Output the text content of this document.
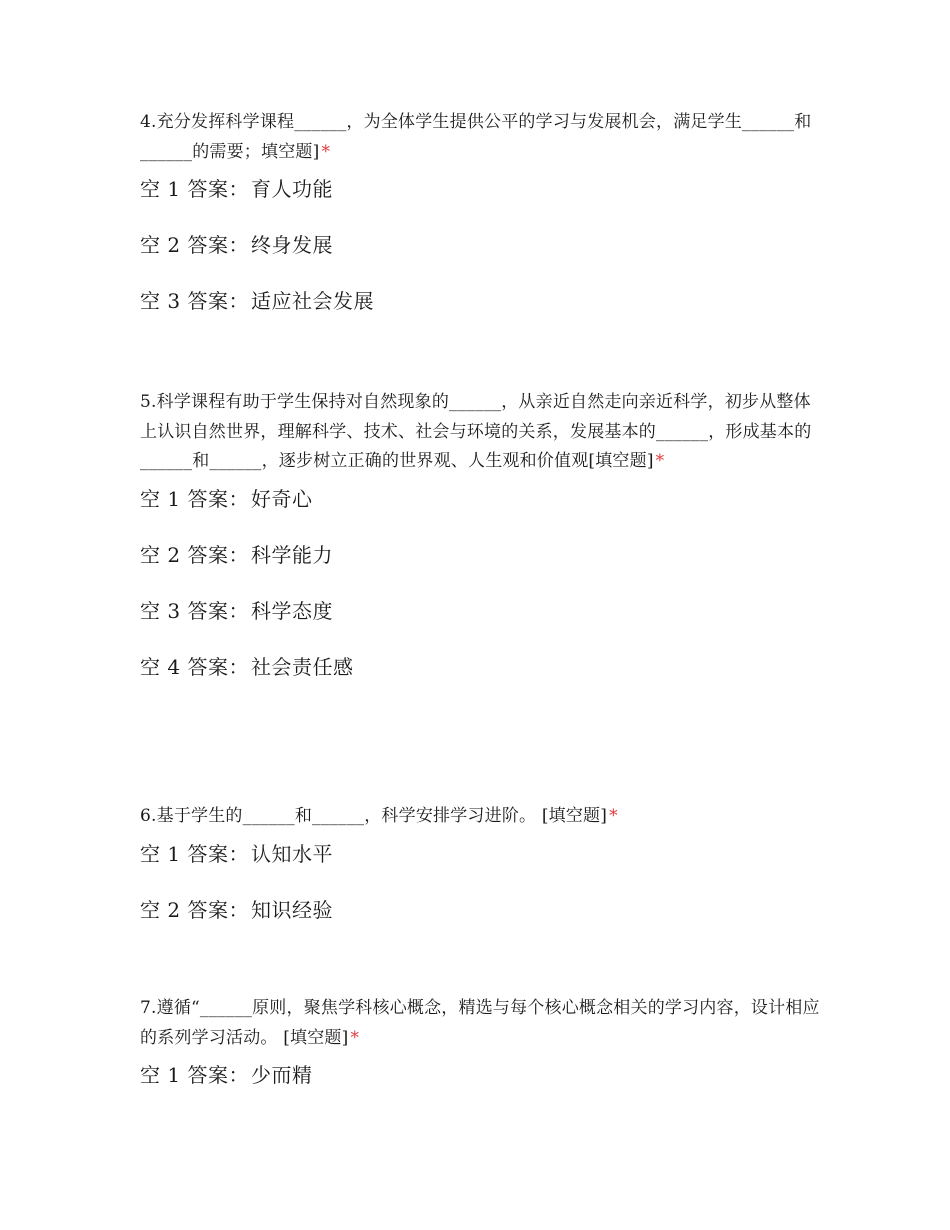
4.充分发挥科学课程______，为全体学生提供公平的学习与发展机会，满足学生______和______的需要；填空题] *

空 1 答案： 育人功能

空 2 答案： 终身发展

空 3 答案： 适应社会发展

5.科学课程有助于学生保持对自然现象的______，从亲近自然走向亲近科学，初步从整体上认识自然世界，理解科学、技术、社会与环境的关系，发展基本的______，形成基本的______和______，逐步树立正确的世界观、人生观和价值观[填空题] *

空 1 答案： 好奇心

空 2 答案： 科学能力

空 3 答案： 科学态度

空 4 答案： 社会责任感

6.基于学生的______和______，科学安排学习进阶。 [填空题] *

空 1 答案： 认知水平

空 2 答案： 知识经验

7.遵循“______原则，聚焦学科核心概念，精选与每个核心概念相关的学习内容，设计相应的系列学习活动。 [填空题] *

空 1 答案： 少而精
